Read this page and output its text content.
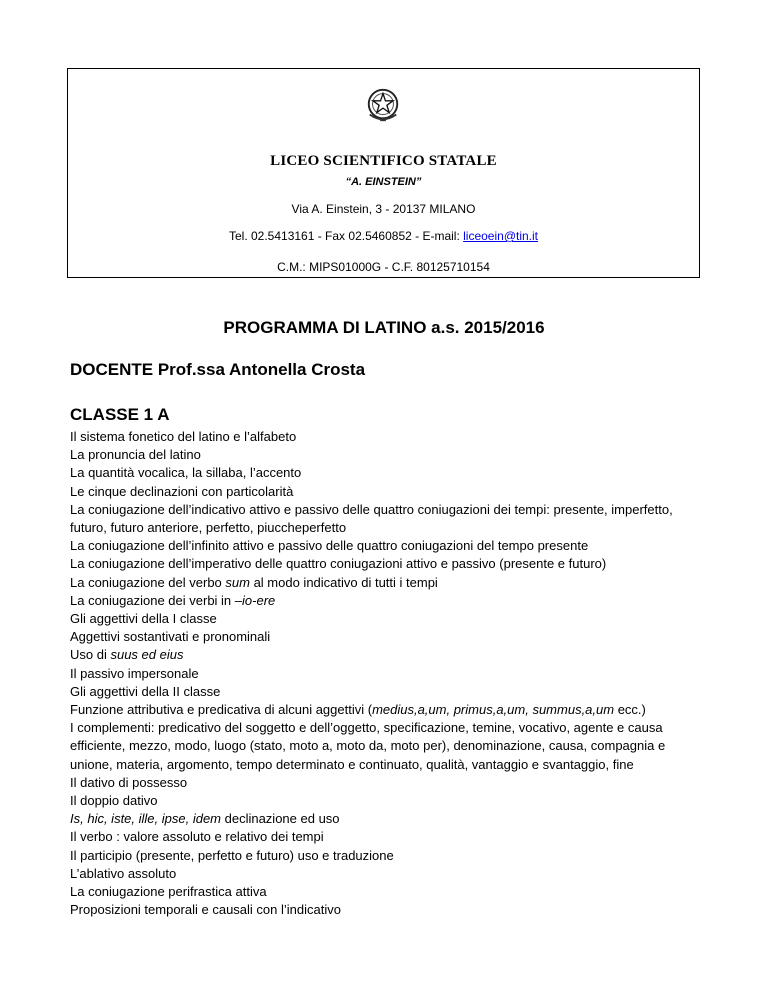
LICEO SCIENTIFICO STATALE
“A. EINSTEIN”
Via A. Einstein, 3 - 20137 MILANO
Tel. 02.5413161 - Fax 02.5460852 - E-mail: liceoein@tin.it
C.M.: MIPS01000G - C.F. 80125710154
PROGRAMMA DI LATINO a.s. 2015/2016
DOCENTE Prof.ssa Antonella Crosta
CLASSE 1 A
Il sistema fonetico del latino e l’alfabeto
La pronuncia del latino
La quantità vocalica, la sillaba, l’accento
Le cinque declinazioni con particolarità
La coniugazione dell’indicativo attivo e passivo delle quattro coniugazioni dei tempi: presente, imperfetto,
futuro, futuro anteriore, perfetto, piuccheperfetto
La coniugazione dell’infinito attivo e passivo delle quattro coniugazioni del tempo presente
La coniugazione dell’imperativo delle quattro coniugazioni attivo e passivo (presente e futuro)
La coniugazione del verbo sum al modo indicativo di tutti i tempi
La coniugazione dei verbi in –io-ere
Gli aggettivi della I classe
Aggettivi sostantivati e pronominali
Uso di suus ed eius
Il passivo impersonale
Gli aggettivi della II classe
Funzione attributiva e predicativa di alcuni aggettivi (medius,a,um, primus,a,um, summus,a,um ecc.)
I complementi: predicativo del soggetto e dell’oggetto, specificazione, temine, vocativo, agente e causa
efficiente, mezzo, modo, luogo (stato, moto a, moto da, moto per), denominazione, causa, compagnia e
unione, materia, argomento, tempo determinato e continuato, qualità, vantaggio e svantaggio, fine
Il dativo di possesso
Il doppio dativo
Is, hic, iste, ille, ipse, idem declinazione ed uso
Il verbo : valore assoluto e relativo dei tempi
Il participio (presente, perfetto e futuro) uso e traduzione
L’ablativo assoluto
La coniugazione perifrastica attiva
Proposizioni temporali e causali con l’indicativo
